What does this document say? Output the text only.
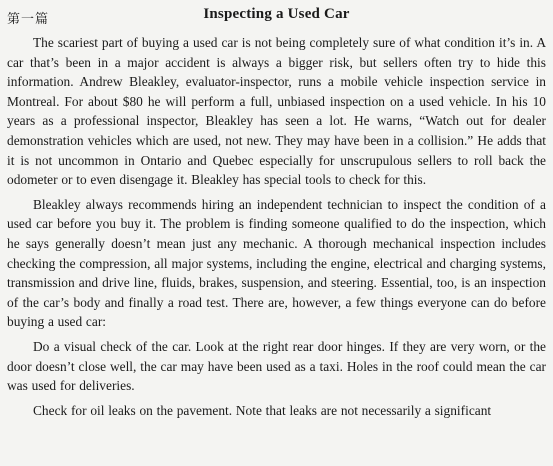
第一篇	Inspecting a Used Car

The scariest part of buying a used car is not being completely sure of what condition it’s in. A car that’s been in a major accident is always a bigger risk, but sellers often try to hide this information. Andrew Bleakley, evaluator-inspector, runs a mobile vehicle inspection service in Montreal. For about $80 he will perform a full, unbiased inspection on a used vehicle. In his 10 years as a professional inspector, Bleakley has seen a lot. He warns, “Watch out for dealer demonstration vehicles which are used, not new. They may have been in a collision.” He adds that it is not uncommon in Ontario and Quebec especially for unscrupulous sellers to roll back the odometer or to even disengage it. Bleakley has special tools to check for this.

Bleakley always recommends hiring an independent technician to inspect the condition of a used car before you buy it. The problem is finding someone qualified to do the inspection, which he says generally doesn’t mean just any mechanic. A thorough mechanical inspection includes checking the compression, all major systems, including the engine, electrical and charging systems, transmission and drive line, fluids, brakes, suspension, and steering. Essential, too, is an inspection of the car’s body and finally a road test. There are, however, a few things everyone can do before buying a used car:

Do a visual check of the car. Look at the right rear door hinges. If they are very worn, or the door doesn’t close well, the car may have been used as a taxi. Holes in the roof could mean the car was used for deliveries.

Check for oil leaks on the pavement. Note that leaks are not necessarily a significant
